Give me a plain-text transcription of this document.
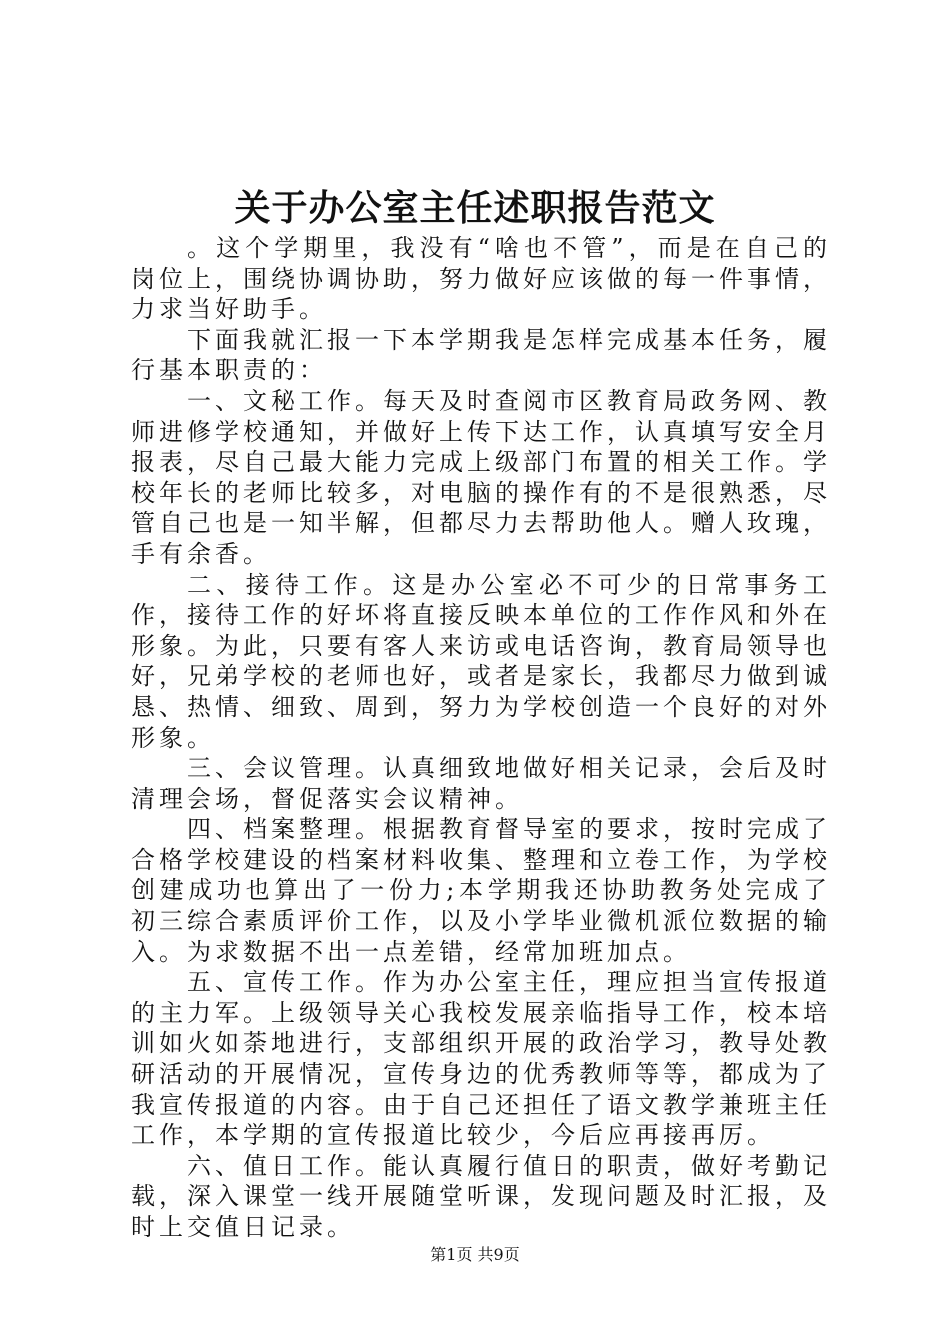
关于办公室主任述职报告范文

。这个学期里，我没有“啥也不管”，而是在自己的岗位上，围绕协调协助，努力做好应该做的每一件事情，力求当好助手。

下面我就汇报一下本学期我是怎样完成基本任务，履行基本职责的：

一、文秘工作。每天及时查阅市区教育局政务网、教师进修学校通知，并做好上传下达工作，认真填写安全月报表，尽自己最大能力完成上级部门布置的相关工作。学校年长的老师比较多，对电脑的操作有的不是很熟悉，尽管自己也是一知半解，但都尽力去帮助他人。赠人玫瑰，手有余香。

二、接待工作。这是办公室必不可少的日常事务工作，接待工作的好坏将直接反映本单位的工作作风和外在形象。为此，只要有客人来访或电话咨询，教育局领导也好，兄弟学校的老师也好，或者是家长，我都尽力做到诚恳、热情、细致、周到，努力为学校创造一个良好的对外形象。

三、会议管理。认真细致地做好相关记录，会后及时清理会场，督促落实会议精神。

四、档案整理。根据教育督导室的要求，按时完成了合格学校建设的档案材料收集、整理和立卷工作，为学校创建成功也算出了一份力;本学期我还协助教务处完成了初三综合素质评价工作，以及小学毕业微机派位数据的输入。为求数据不出一点差错，经常加班加点。

五、宣传工作。作为办公室主任，理应担当宣传报道的主力军。上级领导关心我校发展亲临指导工作，校本培训如火如荼地进行，支部组织开展的政治学习，教导处教研活动的开展情况，宣传身边的优秀教师等等，都成为了我宣传报道的内容。由于自己还担任了语文教学兼班主任工作，本学期的宣传报道比较少，今后应再接再厉。

六、值日工作。能认真履行值日的职责，做好考勤记载，深入课堂一线开展随堂听课，发现问题及时汇报，及时上交值日记录。

第1页 共9页
